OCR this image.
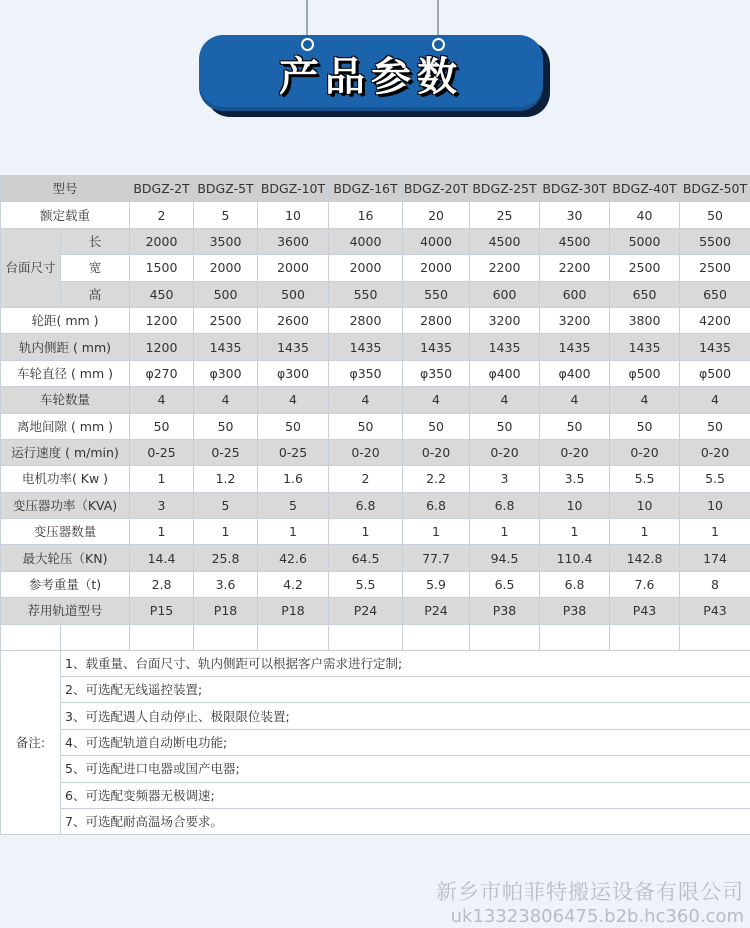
产品参数
型号		BDGZ-2T	BDGZ-5T	BDGZ-10T	BDGZ-16T	BDGZ-20T	BDGZ-25T	BDGZ-30T	BDGZ-40T	BDGZ-50T
额定载重		2	5	10	16	20	25	30	40	50
台面尺寸	长	2000	3500	3600	4000	4000	4500	4500	5000	5500
	宽	1500	2000	2000	2000	2000	2200	2200	2500	2500
	高	450	500	500	550	550	600	600	650	650
轮距( mm )		1200	2500	2600	2800	2800	3200	3200	3800	4200
轨内侧距 ( mm)		1200	1435	1435	1435	1435	1435	1435	1435	1435
车轮直径 ( mm )		φ270	φ300	φ300	φ350	φ350	φ400	φ400	φ500	φ500
车轮数量		4	4	4	4	4	4	4	4	4
离地间隙 ( mm )		50	50	50	50	50	50	50	50	50
运行速度 ( m/min)		0-25	0-25	0-25	0-20	0-20	0-20	0-20	0-20	0-20
电机功率( Kw )		1	1.2	1.6	2	2.2	3	3.5	5.5	5.5
变压器功率（KVA)		3	5	5	6.8	6.8	6.8	10	10	10
变压器数量		1	1	1	1	1	1	1	1	1
最大轮压（KN)		14.4	25.8	42.6	64.5	77.7	94.5	110.4	142.8	174
参考重量（t)		2.8	3.6	4.2	5.5	5.9	6.5	6.8	7.6	8
荐用轨道型号		P15	P18	P18	P24	P24	P38	P38	P43	P43

备注:	1、载重量、台面尺寸、轨内侧距可以根据客户需求进行定制;									
	2、可选配无线遥控装置;									
	3、可选配遇人自动停止、极限限位装置;									
	4、可选配轨道自动断电功能;									
	5、可选配进口电器或国产电器;									
	6、可选配变频器无极调速;									
	7、可选配耐高温场合要求。									
新乡市帕菲特搬运设备有限公司
uk13323806475.b2b.hc360.com
